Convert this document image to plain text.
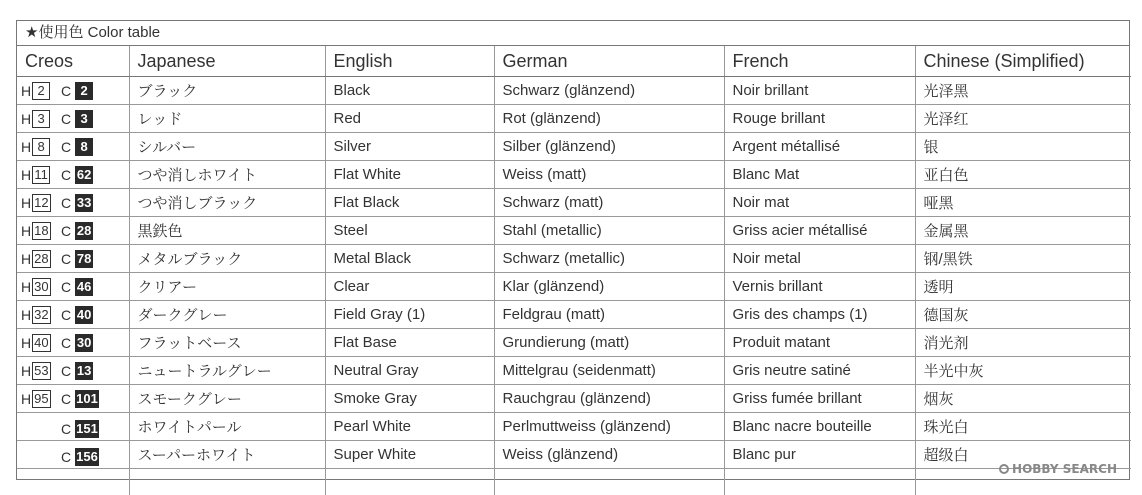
★使用色 Color table
Creos	Japanese	English	German	French	Chinese (Simplified)

H 2 C 2	ブラック	Black	Schwarz (glänzend)	Noir brillant	光泽黑

H 3 C 3	レッド	Red	Rot (glänzend)	Rouge brillant	光泽红

H 8 C 8	シルバー	Silver	Silber (glänzend)	Argent métallisé	银

H 11 C 62	つや消しホワイト	Flat White	Weiss (matt)	Blanc Mat	亚白色

H 12 C 33	つや消しブラック	Flat Black	Schwarz (matt)	Noir mat	哑黑

H 18 C 28	黒鉄色	Steel	Stahl (metallic)	Griss acier métallisé	金属黑

H 28 C 78	メタルブラック	Metal Black	Schwarz (metallic)	Noir metal	钢/黑铁

H 30 C 46	クリアー	Clear	Klar (glänzend)	Vernis brillant	透明

H 32 C 40	ダークグレー	Field Gray (1)	Feldgrau (matt)	Gris des champs (1)	德国灰

H 40 C 30	フラットベース	Flat Base	Grundierung (matt)	Produit matant	消光剂

H 53 C 13	ニュートラルグレー	Neutral Gray	Mittelgrau (seidenmatt)	Gris neutre satiné	半光中灰

H 95 C 101	スモークグレー	Smoke Gray	Rauchgrau (glänzend)	Griss fumée brillant	烟灰

C 151	ホワイトパール	Pearl White	Perlmuttweiss (glänzend)	Blanc nacre bouteille	珠光白

C 156	スーパーホワイト	Super White	Weiss (glänzend)	Blanc pur	超级白

HOBBY SEARCH
